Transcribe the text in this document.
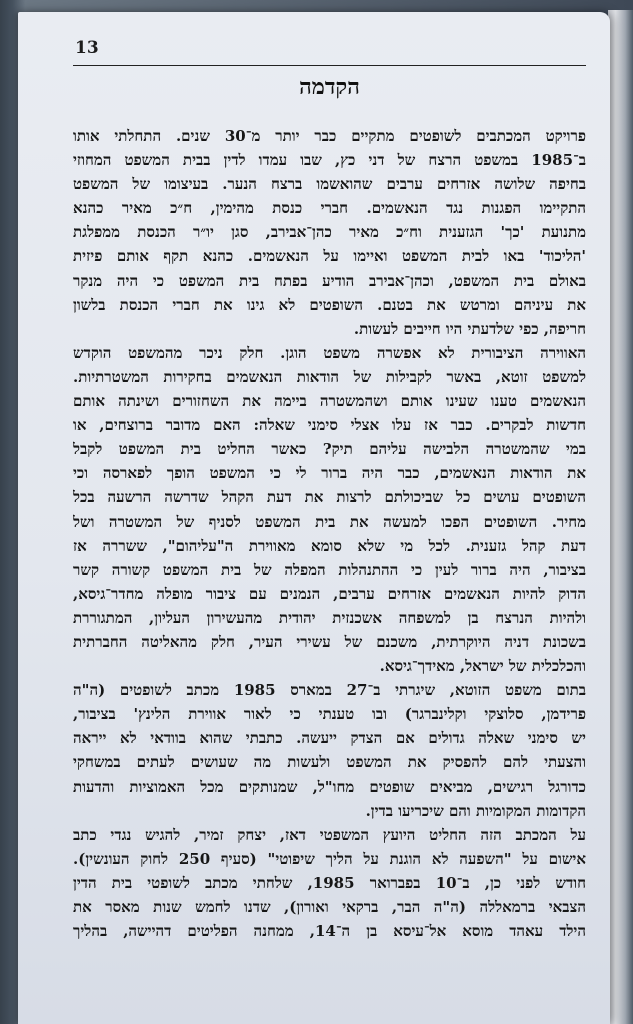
13
הקדמה
פרויקט המכתבים לשופטים מתקיים כבר יותר מ־30 שנים. התחלתי אותו
ב־1985 במשפט הרצח של דני כץ, שבו עמדו לדין בבית המשפט המחוזי
בחיפה שלושה אזרחים ערבים שהואשמו ברצח הנער. בעיצומו של המשפט
התקיימו הפגנות נגד הנאשמים. חברי כנסת מהימין, ח״כ מאיר כהנא
מתנועת 'כך' הגזענית וח״כ מאיר כהן־אבירב, סגן יו״ר הכנסת ממפלגת
'הליכוד' באו לבית המשפט ואיימו על הנאשמים. כהנא תקף אותם פיזית
באולם בית המשפט, וכהן־אבירב הודיע בפתח בית המשפט כי היה מנקר
את עיניהם ומרטש את בטנם. השופטים לא גינו את חברי הכנסת בלשון
חריפה, כפי שלדעתי היו חייבים לעשות.
האווירה הציבורית לא אפשרה משפט הוגן. חלק ניכר מהמשפט הוקדש
למשפט זוטא, באשר לקבילות של הודאות הנאשמים בחקירות המשטרתיות.
הנאשמים טענו שעינו אותם ושהמשטרה ביימה את השחזורים ושינתה אותם
חדשות לבקרים. כבר אז עלו אצלי סימני שאלה: האם מדובר ברוצחים, או
במי שהמשטרה הלבישה עליהם תיק? כאשר החליט בית המשפט לקבל
את הודאות הנאשמים, כבר היה ברור לי כי המשפט הופך לפארסה וכי
השופטים עושים כל שביכולתם לרצות את דעת הקהל שדרשה הרשעה בכל
מחיר. השופטים הפכו למעשה את בית המשפט לסניף של המשטרה ושל
דעת קהל גזענית. לכל מי שלא סומא מאווירת ה"עליהום", ששררה אז
בציבור, היה ברור לעין כי ההתנהלות המפלה של בית המשפט קשורה קשר
הדוק להיות הנאשמים אזרחים ערבים, הנמנים עם ציבור מופלה מחדר־גיסא,
ולהיות הנרצח בן למשפחה אשכנזית יהודית מהעשירון העליון, המתגוררת
בשכונת דניה היוקרתית, משכנם של עשירי העיר, חלק מהאליטה החברתית
והכלכלית של ישראל, מאידך־גיסא.
בתום משפט הזוטא, שיגרתי ב־27 במארס 1985 מכתב לשופטים (ה"ה
פרידמן, סלוצקי וקלינברגר) ובו טענתי כי לאור אווירת הלינץ' בציבור,
יש סימני שאלה גדולים אם הצדק ייעשה. כתבתי שהוא בוודאי לא ייראה
והצעתי להם להפסיק את המשפט ולעשות מה שעושים לעתים במשחקי
כדורגל רגישים, מביאים שופטים מחו"ל, שמנותקים מכל האמוציות והדעות
הקדומות המקומיות והם שיכריעו בדין.
על המכתב הזה החליט היועץ המשפטי דאז, יצחק זמיר, להגיש נגדי כתב
אישום על "השפעה לא הוגנת על הליך שיפוטי" (סעיף 250 לחוק העונשין).
חודש לפני כן, ב־10 בפברואר 1985, שלחתי מכתב לשופטי בית הדין
הצבאי ברמאללה (ה"ה הבר, ברקאי ואורון), שדנו לחמש שנות מאסר את
הילד עאהד מוסא אל־עיסא בן ה־14, ממחנה הפליטים דהיישה, בהליך
